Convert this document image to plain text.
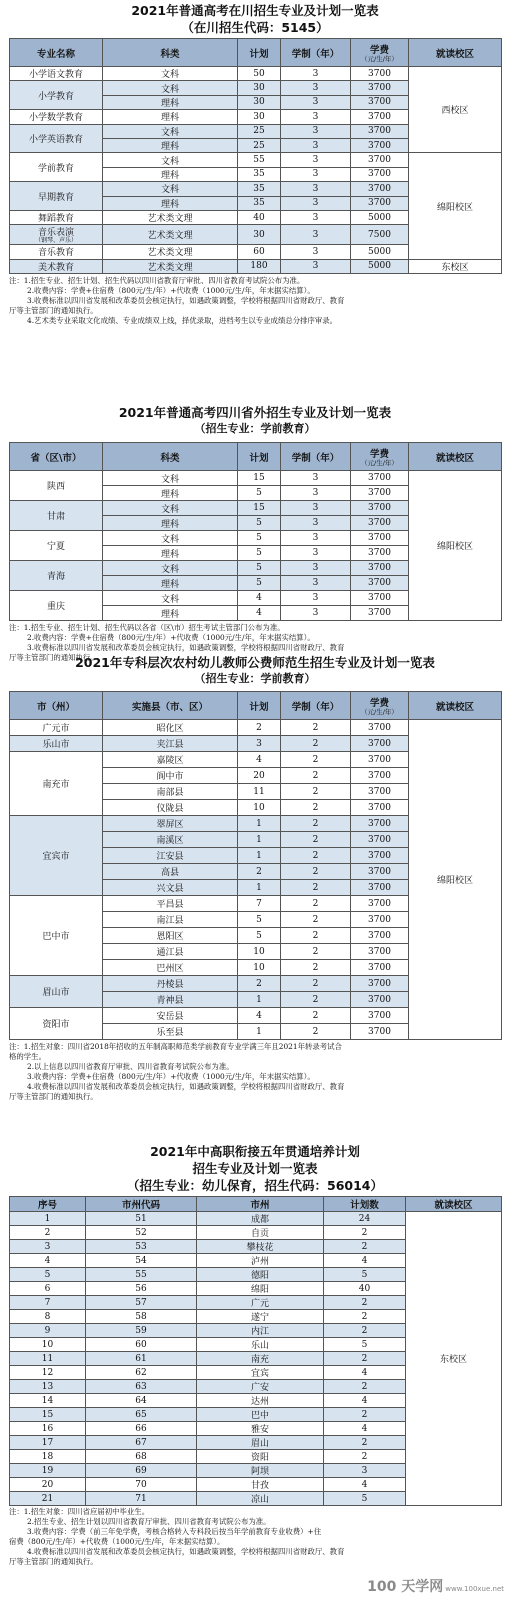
2021年普通高考在川招生专业及计划一览表
（在川招生代码：5145）
专业名称	科类	计划	学制（年）	学费
（元/生/年）	就读校区
小学语文教育	文科	50	3	3700	西校区
小学教育	文科	30	3	3700	
	理科	30	3	3700	
小学数学教育	理科	30	3	3700	
小学英语教育	文科	25	3	3700	
	理科	25	3	3700	
学前教育	文科	55	3	3700	绵阳校区
	理科	35	3	3700	
早期教育	文科	35	3	3700	
	理科	35	3	3700	
舞蹈教育	艺术类文理	40	3	5000	
音乐表演
（钢琴、声乐）	艺术类文理	30	3	7500	
音乐教育	艺术类文理	60	3	5000	
美术教育	艺术类文理	180	3	5000	东校区
注：1.招生专业、招生计划、招生代码以四川省教育厅审批、四川省教育考试院公布为准。
2.收费内容：学费+住宿费（800元/生/年）+代收费（1000元/生/年，年末据实结算）。
3.收费标准以四川省发展和改革委员会核定执行，如遇政策调整，学校将根据四川省财政厅、教育
厅等主管部门的通知执行。
4.艺术类专业采取文化成绩、专业成绩双上线，择优录取，进档考生以专业成绩总分排序审录。
2021年普通高考四川省外招生专业及计划一览表
（招生专业：学前教育）
省（区\市）	科类	计划	学制（年）	学费
（元/生/年）	就读校区
陕西	文科	15	3	3700	绵阳校区
	理科	5	3	3700	
甘肃	文科	15	3	3700	
	理科	5	3	3700	
宁夏	文科	5	3	3700	
	理科	5	3	3700	
青海	文科	5	3	3700	
	理科	5	3	3700	
重庆	文科	4	3	3700	
	理科	4	3	3700	
注：1.招生专业、招生计划、招生代码以各省（区\市）招生考试主管部门公布为准。
2.收费内容：学费+住宿费（800元/生/年）+代收费（1000元/生/年，年末据实结算）。
3.收费标准以四川省发展和改革委员会核定执行，如遇政策调整，学校将根据四川省财政厅、教育
厅等主管部门的通知执行。
2021年专科层次农村幼儿教师公费师范生招生专业及计划一览表
（招生专业：学前教育）
市（州）	实施县（市、区）	计划	学制（年）	学费
（元/生/年）	就读校区
广元市	昭化区	2	2	3700	绵阳校区
乐山市	夹江县	3	2	3700	
南充市	嘉陵区	4	2	3700	
	阆中市	20	2	3700	
	南部县	11	2	3700	
	仪陇县	10	2	3700	
宜宾市	翠屏区	1	2	3700	
	南溪区	1	2	3700	
	江安县	1	2	3700	
	高县	2	2	3700	
	兴文县	1	2	3700	
巴中市	平昌县	7	2	3700	
	南江县	5	2	3700	
	恩阳区	5	2	3700	
	通江县	10	2	3700	
	巴州区	10	2	3700	
眉山市	丹棱县	2	2	3700	
	青神县	1	2	3700	
资阳市	安岳县	4	2	3700	
	乐至县	1	2	3700	
注：1.招生对象：四川省2018年招收的五年制高职师范类学前教育专业学满三年且2021年转录考试合
格的学生。
2.以上信息以四川省教育厅审批、四川省教育考试院公布为准。
3.收费内容：学费+住宿费（800元/生/年）+代收费（1000元/生/年，年末据实结算）。
4.收费标准以四川省发展和改革委员会核定执行，如遇政策调整，学校将根据四川省财政厅、教育
厅等主管部门的通知执行。
2021年中高职衔接五年贯通培养计划
招生专业及计划一览表
（招生专业：幼儿保育，招生代码：56014）
序号	市州代码	市州	计划数	就读校区
1	51	成都	24	东校区
2	52	自贡	2	
3	53	攀枝花	2	
4	54	泸州	4	
5	55	德阳	5	
6	56	绵阳	40	
7	57	广元	2	
8	58	遂宁	2	
9	59	内江	2	
10	60	乐山	5	
11	61	南充	2	
12	62	宜宾	4	
13	63	广安	2	
14	64	达州	4	
15	65	巴中	2	
16	66	雅安	4	
17	67	眉山	2	
18	68	资阳	2	
19	69	阿坝	3	
20	70	甘孜	4	
21	71	凉山	5	
注：1.招生对象：四川省应届初中毕业生。
2.招生专业、招生计划以四川省教育厅审批、四川省教育考试院公布为准。
3.收费内容：学费（前三年免学费，考核合格转入专科段后按当年学前教育专业收费）+住
宿费（800元/生/年）+代收费（1000元/生/年，年末据实结算）。
4.收费标准以四川省发展和改革委员会核定执行，如遇政策调整，学校将根据四川省财政厅、教育
厅等主管部门的通知执行。
100 天学网 www.100xue.net
